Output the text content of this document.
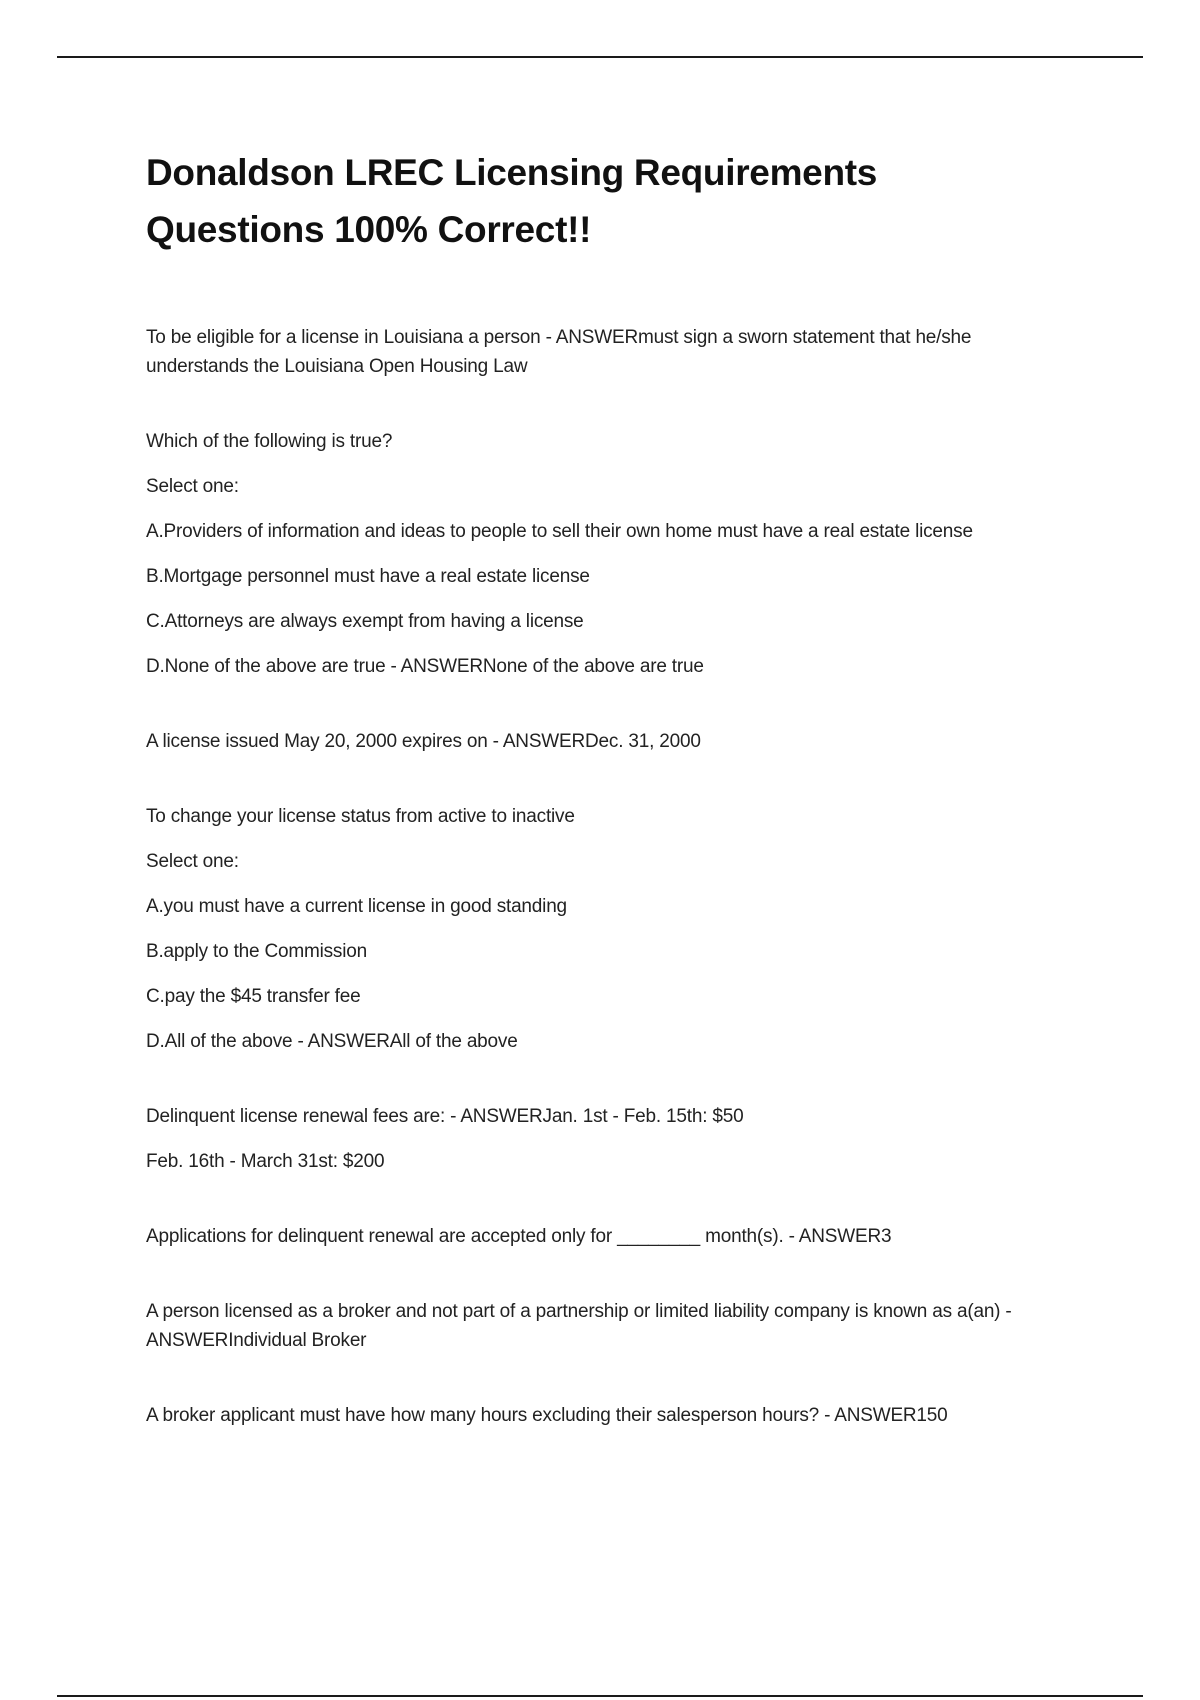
Donaldson LREC Licensing Requirements
Questions 100% Correct!!

To be eligible for a license in Louisiana a person - ANSWERmust sign a sworn statement that he/she understands the Louisiana Open Housing Law

Which of the following is true?

Select one:

A.Providers of information and ideas to people to sell their own home must have a real estate license

B.Mortgage personnel must have a real estate license

C.Attorneys are always exempt from having a license

D.None of the above are true - ANSWERNone of the above are true

A license issued May 20, 2000 expires on - ANSWERDec. 31, 2000

To change your license status from active to inactive

Select one:

A.you must have a current license in good standing

B.apply to the Commission

C.pay the $45 transfer fee

D.All of the above - ANSWERAll of the above

Delinquent license renewal fees are: - ANSWERJan. 1st - Feb. 15th: $50

Feb. 16th - March 31st: $200

Applications for delinquent renewal are accepted only for ________ month(s). - ANSWER3

A person licensed as a broker and not part of a partnership or limited liability company is known as a(an) - ANSWERIndividual Broker

A broker applicant must have how many hours excluding their salesperson hours? - ANSWER150
